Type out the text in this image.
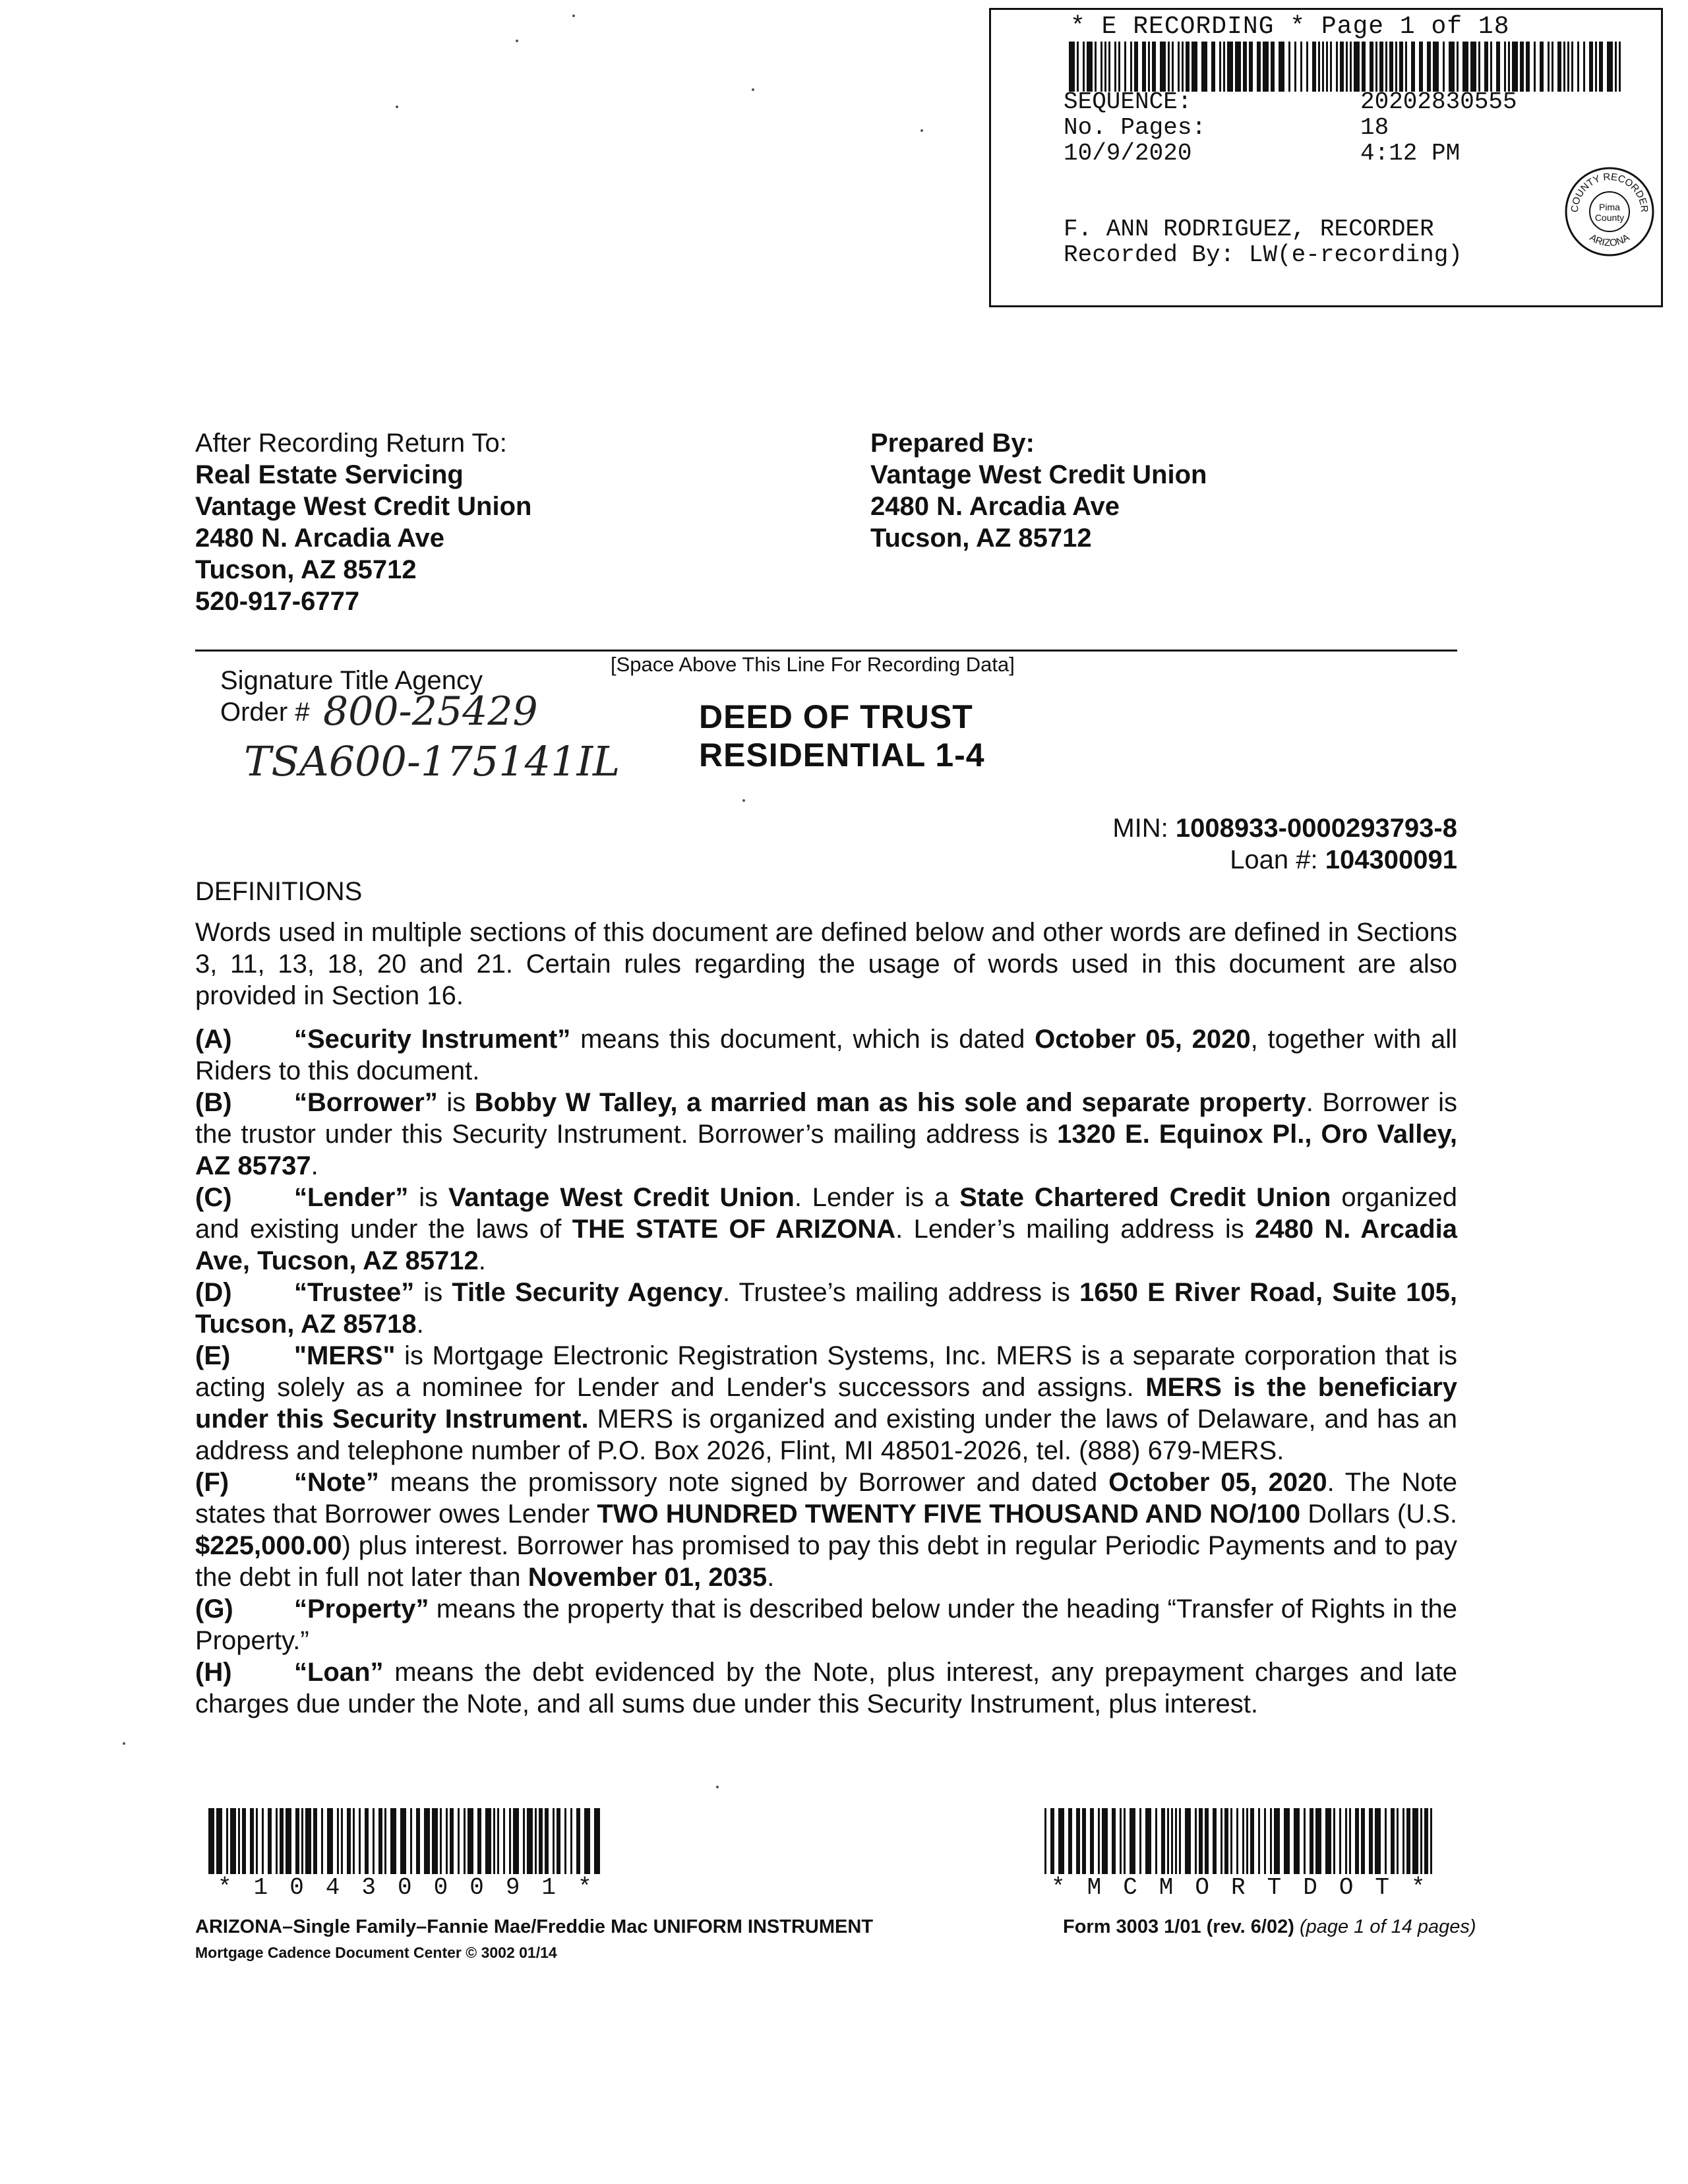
* E RECORDING * Page 1 of 18
SEQUENCE:	20202830555
No. Pages:	18
10/9/2020	4:12 PM
F. ANN RODRIGUEZ, RECORDER
Recorded By: LW(e-recording)
COUNTY RECORDER
ARIZONA
Pima
County
After Recording Return To:
Real Estate Servicing
Vantage West Credit Union
2480 N. Arcadia Ave
Tucson, AZ 85712
520-917-6777
Prepared By:
Vantage West Credit Union
2480 N. Arcadia Ave
Tucson, AZ 85712
[Space Above This Line For Recording Data]
Signature Title Agency
Order # 800-25429
TSA600-175141IL
DEED OF TRUST
RESIDENTIAL 1-4
MIN: 1008933-0000293793-8
Loan #: 104300091
DEFINITIONS

Words used in multiple sections of this document are defined below and other words are defined in Sections 3, 11, 13, 18, 20 and 21. Certain rules regarding the usage of words used in this document are also provided in Section 16.

(A) “Security Instrument” means this document, which is dated October 05, 2020, together with all Riders to this document.

(B) “Borrower” is Bobby W Talley, a married man as his sole and separate property. Borrower is the trustor under this Security Instrument. Borrower’s mailing address is 1320 E. Equinox Pl., Oro Valley, AZ 85737.

(C) “Lender” is Vantage West Credit Union. Lender is a State Chartered Credit Union organized and existing under the laws of THE STATE OF ARIZONA. Lender’s mailing address is 2480 N. Arcadia Ave, Tucson, AZ 85712.

(D) “Trustee” is Title Security Agency. Trustee’s mailing address is 1650 E River Road, Suite 105, Tucson, AZ 85718.

(E) "MERS" is Mortgage Electronic Registration Systems, Inc. MERS is a separate corporation that is acting solely as a nominee for Lender and Lender's successors and assigns. MERS is the beneficiary under this Security Instrument. MERS is organized and existing under the laws of Delaware, and has an address and telephone number of P.O. Box 2026, Flint, MI 48501-2026, tel. (888) 679-MERS.

(F) “Note” means the promissory note signed by Borrower and dated October 05, 2020. The Note states that Borrower owes Lender TWO HUNDRED TWENTY FIVE THOUSAND AND NO/100 Dollars (U.S. $225,000.00) plus interest. Borrower has promised to pay this debt in regular Periodic Payments and to pay the debt in full not later than November 01, 2035.

(G) “Property” means the property that is described below under the heading “Transfer of Rights in the Property.”

(H) “Loan” means the debt evidenced by the Note, plus interest, any prepayment charges and late charges due under the Note, and all sums due under this Security Instrument, plus interest.

*104300091*	*MCMORTDOT*
ARIZONA–Single Family–Fannie Mae/Freddie Mac UNIFORM INSTRUMENT
Mortgage Cadence Document Center © 3002 01/14
Form 3003 1/01 (rev. 6/02) (page 1 of 14 pages)
